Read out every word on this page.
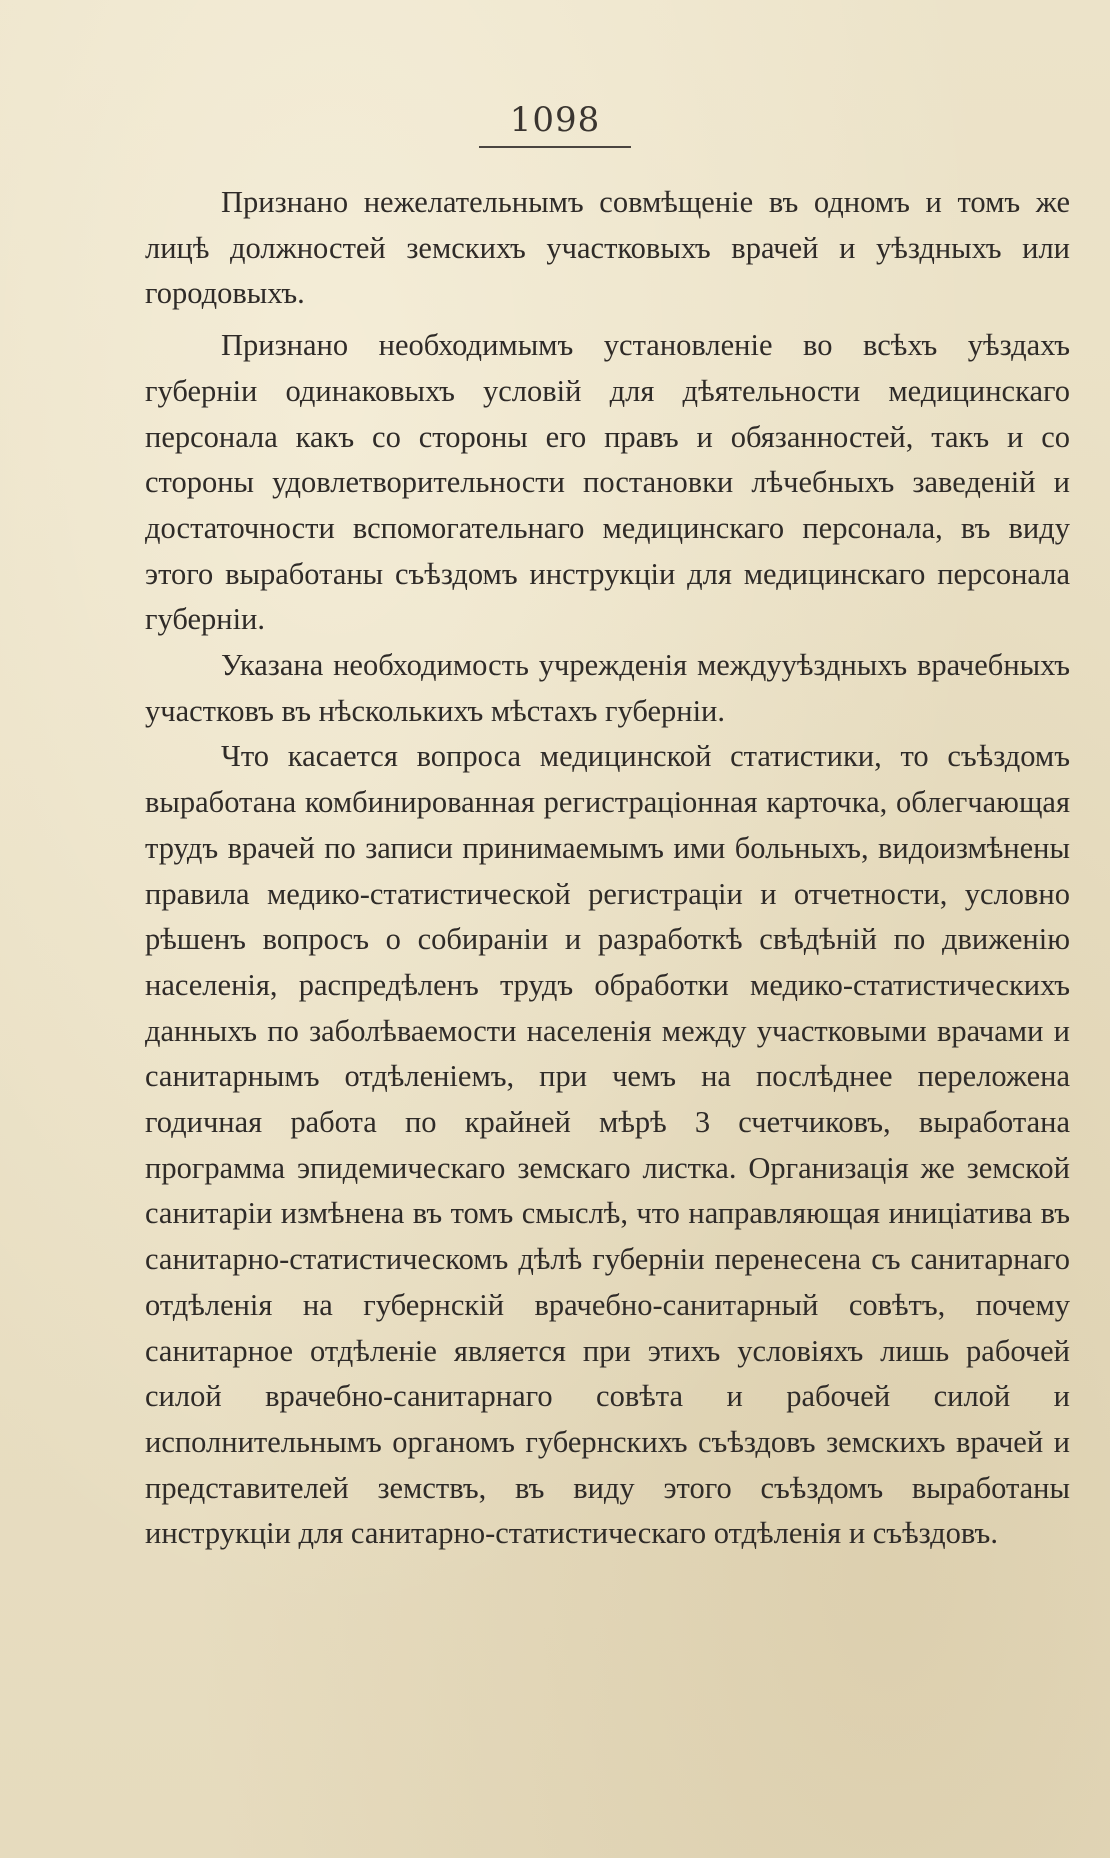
1098

Признано нежелательнымъ совмѣщеніе въ одномъ и томъ же лицѣ должностей земскихъ участковыхъ врачей и уѣздныхъ или городовыхъ.

Признано необходимымъ установленіе во всѣхъ уѣздахъ губерніи одинаковыхъ условій для дѣятельности медицинскаго персонала какъ со стороны его правъ и обязанностей, такъ и со стороны удовлетворительности постановки лѣчебныхъ заведеній и достаточности вспомогательнаго медицинскаго персонала, въ виду этого выработаны съѣздомъ инструкціи для медицинскаго персонала губерніи.

Указана необходимость учрежденія междууѣздныхъ врачебныхъ участковъ въ нѣсколькихъ мѣстахъ губерніи.

Что касается вопроса медицинской статистики, то съѣздомъ выработана комбинированная регистраціонная карточка, облегчающая трудъ врачей по записи принимаемымъ ими больныхъ, видоизмѣнены правила медико-статистической регистраціи и отчетности, условно рѣшенъ вопросъ о собираніи и разработкѣ свѣдѣній по движенію населенія, распредѣленъ трудъ обработки медико-статистическихъ данныхъ по заболѣваемости населенія между участковыми врачами и санитарнымъ отдѣленіемъ, при чемъ на послѣднее переложена годичная работа по крайней мѣрѣ 3 счетчиковъ, выработана программа эпидемическаго земскаго листка. Организація же земской санитаріи измѣнена въ томъ смыслѣ, что направляющая иниціатива въ санитарно-статистическомъ дѣлѣ губерніи перенесена съ санитарнаго отдѣленія на губернскій врачебно-санитарный совѣтъ, почему санитарное отдѣленіе является при этихъ условіяхъ лишь рабочей силой врачебно-санитарнаго совѣта и рабочей силой и исполнительнымъ органомъ губернскихъ съѣздовъ земскихъ врачей и представителей земствъ, въ виду этого съѣздомъ выработаны инструкціи для санитарно-статистическаго отдѣленія и съѣздовъ.
